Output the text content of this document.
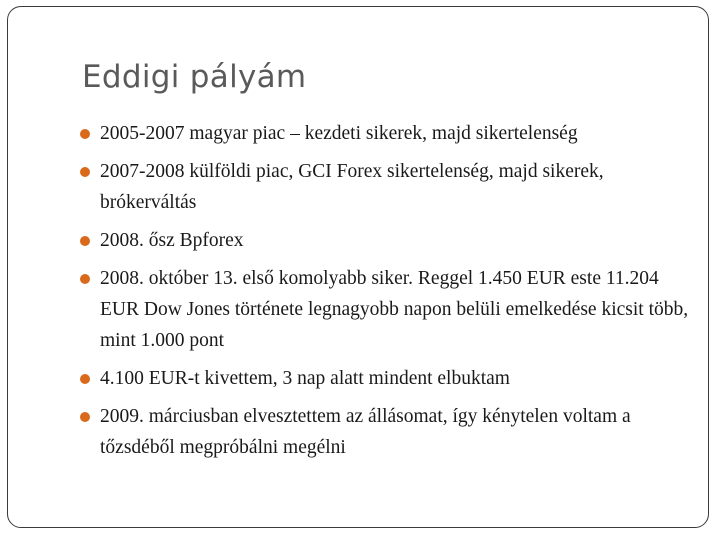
Eddigi pályám
2005-2007 magyar piac – kezdeti sikerek, majd sikertelenség
2007-2008 külföldi piac, GCI Forex sikertelenség, majd sikerek, brókerváltás
2008. ősz Bpforex
2008. október 13. első komolyabb siker. Reggel 1.450 EUR este 11.204 EUR Dow Jones története legnagyobb napon belüli emelkedése kicsit több, mint 1.000 pont
4.100 EUR-t kivettem, 3 nap alatt mindent elbuktam
2009. márciusban elvesztettem az állásomat, így kénytelen voltam a tőzsdéből megpróbálni megélni
